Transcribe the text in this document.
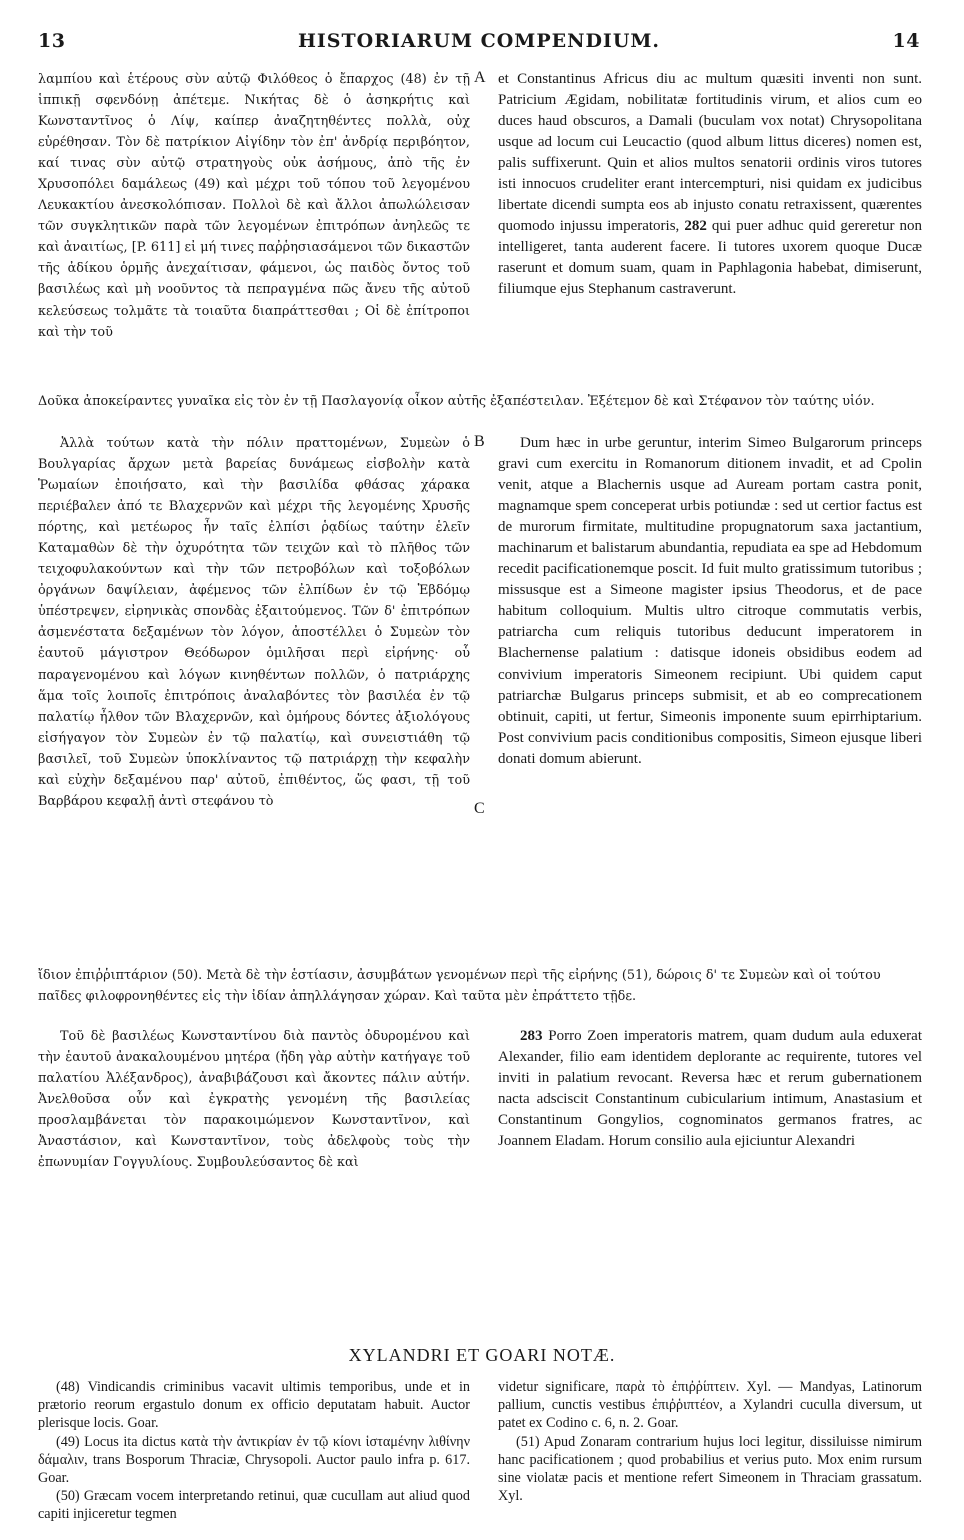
13	HISTORIARUM COMPENDIUM.	14

λαμπίου καὶ ἑτέρους σὺν αὐτῷ Φιλόθεος ὁ ἔπαρχος (48) ἐν τῇ ἱππικῇ σφενδόνῃ ἀπέτεμε. Νικήτας δὲ ὁ ἀσηκρήτις καὶ Κωνσταντῖνος ὁ Λίψ, καίπερ ἀναζητηθέντες πολλὰ, οὐχ εὑρέθησαν. Τὸν δὲ πατρίκιον Αἰγίδην τὸν ἐπ' ἀνδρίᾳ περιβόητον, καί τινας σὺν αὐτῷ στρατηγοὺς οὐκ ἀσήμους, ἀπὸ τῆς ἐν Χρυσοπόλει δαμάλεως (49) καὶ μέχρι τοῦ τόπου τοῦ λεγομένου Λευκακτίου ἀνεσκολόπισαν. Πολλοὶ δὲ καὶ ἄλλοι ἀπωλώλεισαν τῶν συγκλητικῶν παρὰ τῶν λεγομένων ἐπιτρόπων ἀνηλεῶς τε καὶ ἀναιτίως, [P. 611] εἰ μή τινες παῤῥησιασάμενοι τῶν δικαστῶν τῆς ἀδίκου ὁρμῆς ἀνεχαίτισαν, φάμενοι, ὡς παιδὸς ὄντος τοῦ βασιλέως καὶ μὴ νοοῦντος τὰ πεπραγμένα πῶς ἄνευ τῆς αὐτοῦ κελεύσεως τολμᾶτε τὰ τοιαῦτα διαπράττεσθαι ; Οἱ δὲ ἐπίτροποι καὶ τὴν τοῦ

A et Constantinus Africus diu ac multum quæsiti inventi non sunt. Patricium Ægidam, nobilitatæ fortitudinis virum, et alios cum eo duces haud obscuros, a Damali (buculam vox notat) Chrysopolitana usque ad locum cui Leucactio (quod album littus diceres) nomen est, palis suffixerunt. Quin et alios multos senatorii ordinis viros tutores isti innocuos crudeliter erant intercempturi, nisi quidam ex judicibus libertate dicendi sumpta eos ab injusto conatu retraxissent, quærentes quomodo injussu imperatoris, 282 qui puer adhuc quid gereretur non intelligeret, tanta auderent facere. Ii tutores uxorem quoque Ducæ raserunt et domum suam, quam in Paphlagonia habebat, dimiserunt, filiumque ejus Stephanum castraverunt.

Δοῦκα ἀποκείραντες γυναῖκα εἰς τὸν ἐν τῇ Πασλαγονίᾳ οἶκον αὐτῆς ἐξαπέστειλαν. Ἐξέτεμον δὲ καὶ Στέφανον τὸν ταύτης υἱόν.

Ἀλλὰ τούτων κατὰ τὴν πόλιν πραττομένων, Συμεὼν ὁ Βουλγαρίας ἄρχων μετὰ βαρείας δυνάμεως εἰσβολὴν κατὰ Ῥωμαίων ἐποιήσατο, καὶ τὴν βασιλίδα φθάσας χάρακα περιέβαλεν ἀπό τε Βλαχερνῶν καὶ μέχρι τῆς λεγομένης Χρυσῆς πόρτης, καὶ μετέωρος ἦν ταῖς ἐλπίσι ῥᾳδίως ταύτην ἑλεῖν Καταμαθὼν δὲ τὴν ὀχυρότητα τῶν τειχῶν καὶ τὸ πλῆθος τῶν τειχοφυλακούντων καὶ τὴν τῶν πετροβόλων καὶ τοξοβόλων ὀργάνων δαψίλειαν, ἀφέμενος τῶν ἐλπίδων ἐν τῷ Ἑβδόμῳ ὑπέστρεψεν, εἰρηνικὰς σπονδὰς ἐξαιτούμενος. Τῶν δ' ἐπιτρόπων ἀσμενέστατα δεξαμένων τὸν λόγον, ἀποστέλλει ὁ Συμεὼν τὸν ἑαυτοῦ μάγιστρον Θεόδωρον ὁμιλῆσαι περὶ εἰρήνης· οὗ παραγενομένου καὶ λόγων κινηθέντων πολλῶν, ὁ πατριάρχης ἅμα τοῖς λοιποῖς ἐπιτρόποις ἀναλαβόντες τὸν βασιλέα ἐν τῷ παλατίῳ ἦλθον τῶν Βλαχερνῶν, καὶ ὁμήρους δόντες ἀξιολόγους εἰσήγαγον τὸν Συμεὼν ἐν τῷ παλατίῳ, καὶ συνειστιάθη τῷ βασιλεῖ, τοῦ Συμεὼν ὑποκλίναντος τῷ πατριάρχῃ τὴν κεφαλὴν καὶ εὐχὴν δεξαμένου παρ' αὐτοῦ, ἐπιθέντος, ὥς φασι, τῇ τοῦ Βαρβάρου κεφαλῇ ἀντὶ στεφάνου τὸ

B
C

Dum hæc in urbe geruntur, interim Simeo Bulgarorum princeps gravi cum exercitu in Romanorum ditionem invadit, et ad Cpolin venit, atque a Blachernis usque ad Auream portam castra ponit, magnamque spem conceperat urbis potiundæ : sed ut certior factus est de murorum firmitate, multitudine propugnatorum saxa jactantium, machinarum et balistarum abundantia, repudiata ea spe ad Hebdomum recedit pacificationemque poscit. Id fuit multo gratissimum tutoribus ; missusque est a Simeone magister ipsius Theodorus, et de pace habitum colloquium. Multis ultro citroque commutatis verbis, patriarcha cum reliquis tutoribus deducunt imperatorem in Blachernense palatium : datisque idoneis obsidibus eodem ad convivium imperatoris Simeonem recipiunt. Ubi quidem caput patriarchæ Bulgarus princeps submisit, et ab eo comprecationem obtinuit, capiti, ut fertur, Simeonis imponente suum epirrhiptarium. Post convivium pacis conditionibus compositis, Simeon ejusque liberi donati domum abierunt.

ἴδιον ἐπιῤῥιπτάριον (50). Μετὰ δὲ τὴν ἑστίασιν, ἀσυμβάτων γενομένων περὶ τῆς εἰρήνης (51), δώροις δ' τε Συμεὼν καὶ οἱ τούτου παῖδες φιλοφρονηθέντες εἰς τὴν ἰδίαν ἀπηλλάγησαν χώραν. Καὶ ταῦτα μὲν ἐπράττετο τῇδε.

Τοῦ δὲ βασιλέως Κωνσταντίνου διὰ παντὸς ὀδυρομένου καὶ τὴν ἑαυτοῦ ἀνακαλουμένου μητέρα (ἤδη γὰρ αὐτὴν κατήγαγε τοῦ παλατίου Ἀλέξανδρος), ἀναβιβάζουσι καὶ ἄκοντες πάλιν αὐτήν. Ἀνελθοῦσα οὖν καὶ ἐγκρατὴς γενομένη τῆς βασιλείας προσλαμβάνεται τὸν παρακοιμώμενον Κωνσταντῖνον, καὶ Ἀναστάσιον, καὶ Κωνσταντῖνον, τοὺς ἀδελφοὺς τοὺς τὴν ἐπωνυμίαν Γογγυλίους. Συμβουλεύσαντος δὲ καὶ

283 Porro Zoen imperatoris matrem, quam dudum aula eduxerat Alexander, filio eam identidem deplorante ac requirente, tutores vel inviti in palatium revocant. Reversa hæc et rerum gubernationem nacta adsciscit Constantinum cubicularium intimum, Anastasium et Constantinum Gongylios, cognominatos germanos fratres, ac Joannem Eladam. Horum consilio aula ejiciuntur Alexandri

XYLANDRI ET GOARI NOTÆ.

(48) Vindicandis criminibus vacavit ultimis temporibus, unde et in prætorio reorum ergastulo donum ex officio deputatam habuit. Auctor plerisque locis. Goar.

(49) Locus ita dictus κατὰ τὴν ἀντικρίαν ἐν τῷ κίονι ἱσταμένην λιθίνην δάμαλιν, trans Bosporum Thraciæ, Chrysopoli. Auctor paulo infra p. 617. Goar.

(50) Græcam vocem interpretando retinui, quæ cucullam aut aliud quod capiti injiceretur tegmen

videtur significare, παρὰ τὸ ἐπιῤῥίπτειν. Xyl. — Mandyas, Latinorum pallium, cunctis vestibus ἐπιῤῥιπτέον, a Xylandri cuculla diversum, ut patet ex Codino c. 6, n. 2. Goar.

(51) Apud Zonaram contrarium hujus loci legitur, dissiluisse nimirum hanc pacificationem ; quod probabilius et verius puto. Mox enim rursum sine violatæ pacis et mentione refert Simeonem in Thraciam grassatum. Xyl.
